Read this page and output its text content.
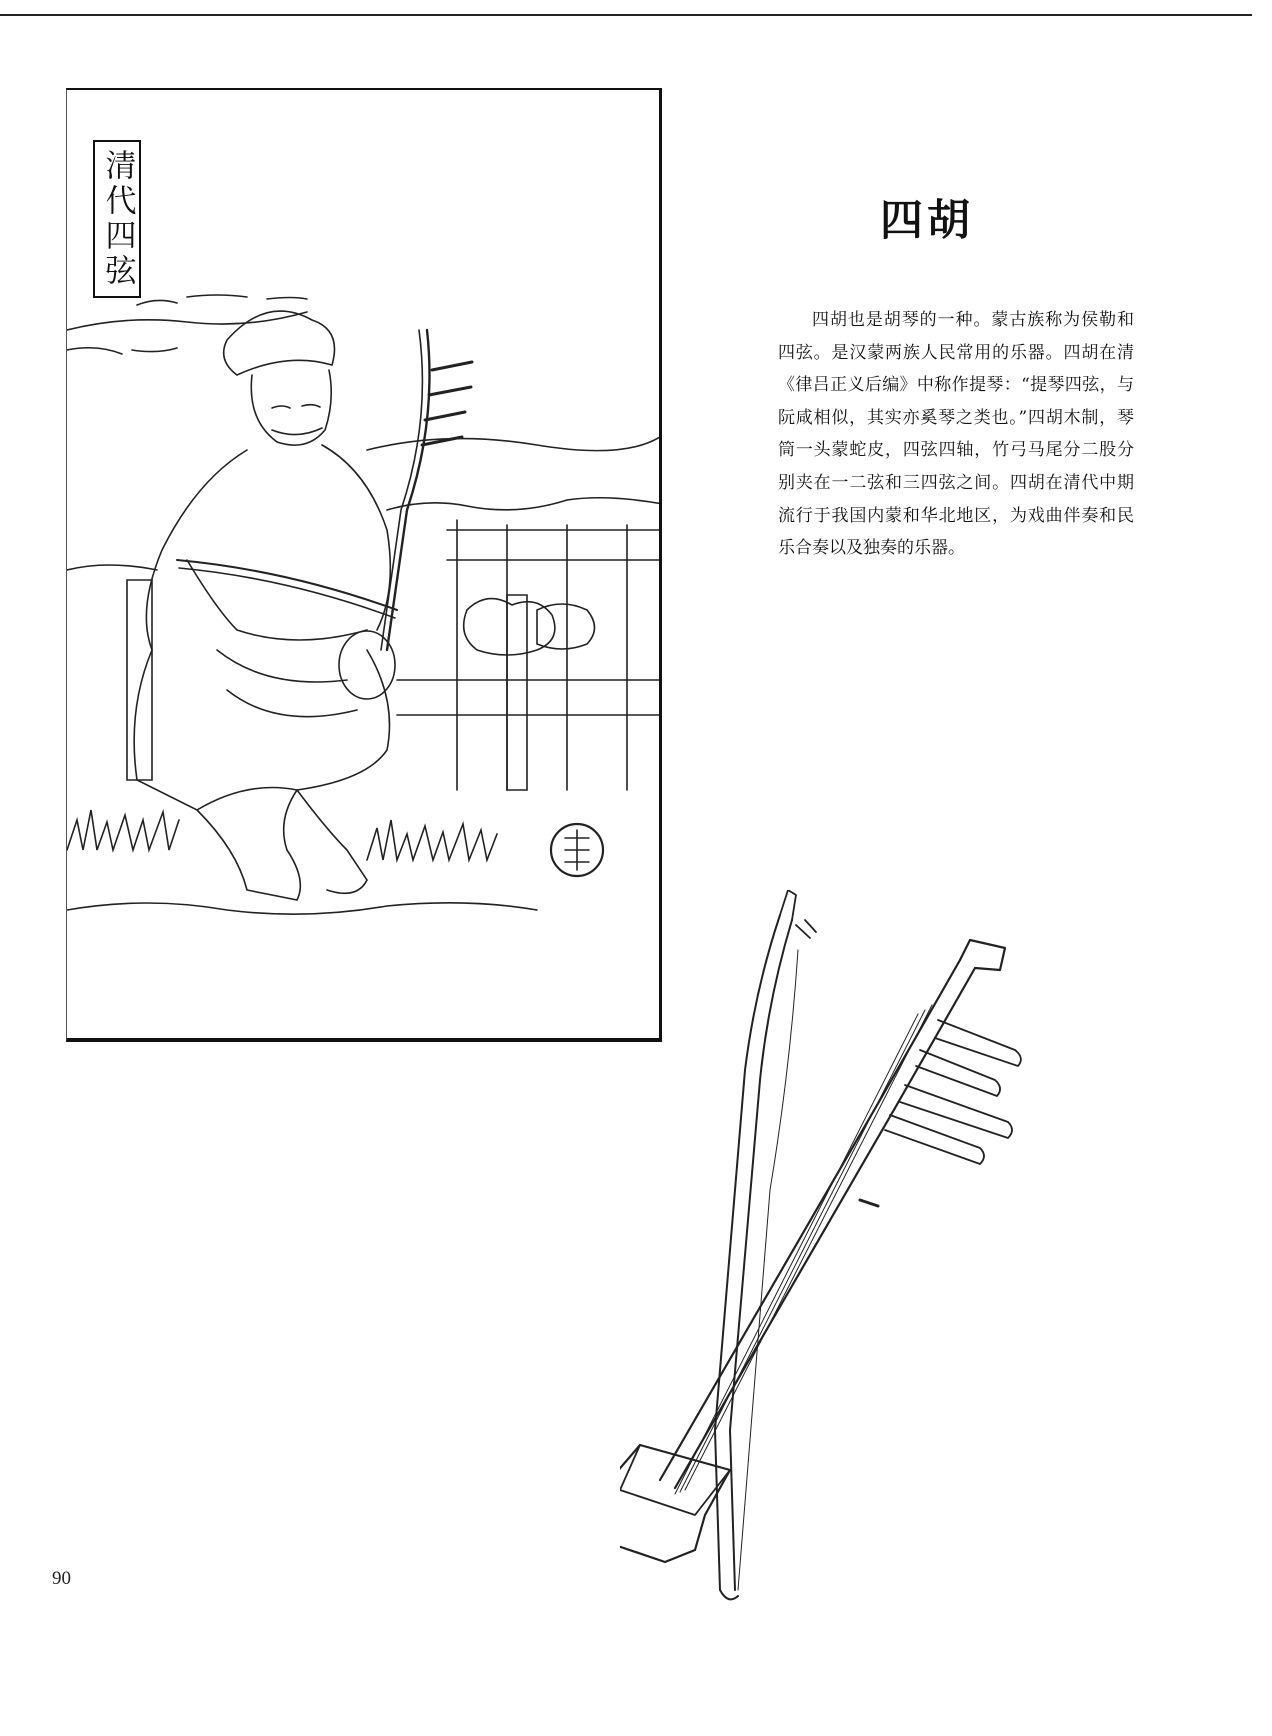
清代四弦	四胡

四胡也是胡琴的一种。蒙古族称为侯勒和四弦。是汉蒙两族人民常用的乐器。四胡在清《律吕正义后编》中称作提琴：“提琴四弦，与阮咸相似，其实亦奚琴之类也。”四胡木制，琴筒一头蒙蛇皮，四弦四轴，竹弓马尾分二股分别夹在一二弦和三四弦之间。四胡在清代中期流行于我国内蒙和华北地区，为戏曲伴奏和民乐合奏以及独奏的乐器。

90
